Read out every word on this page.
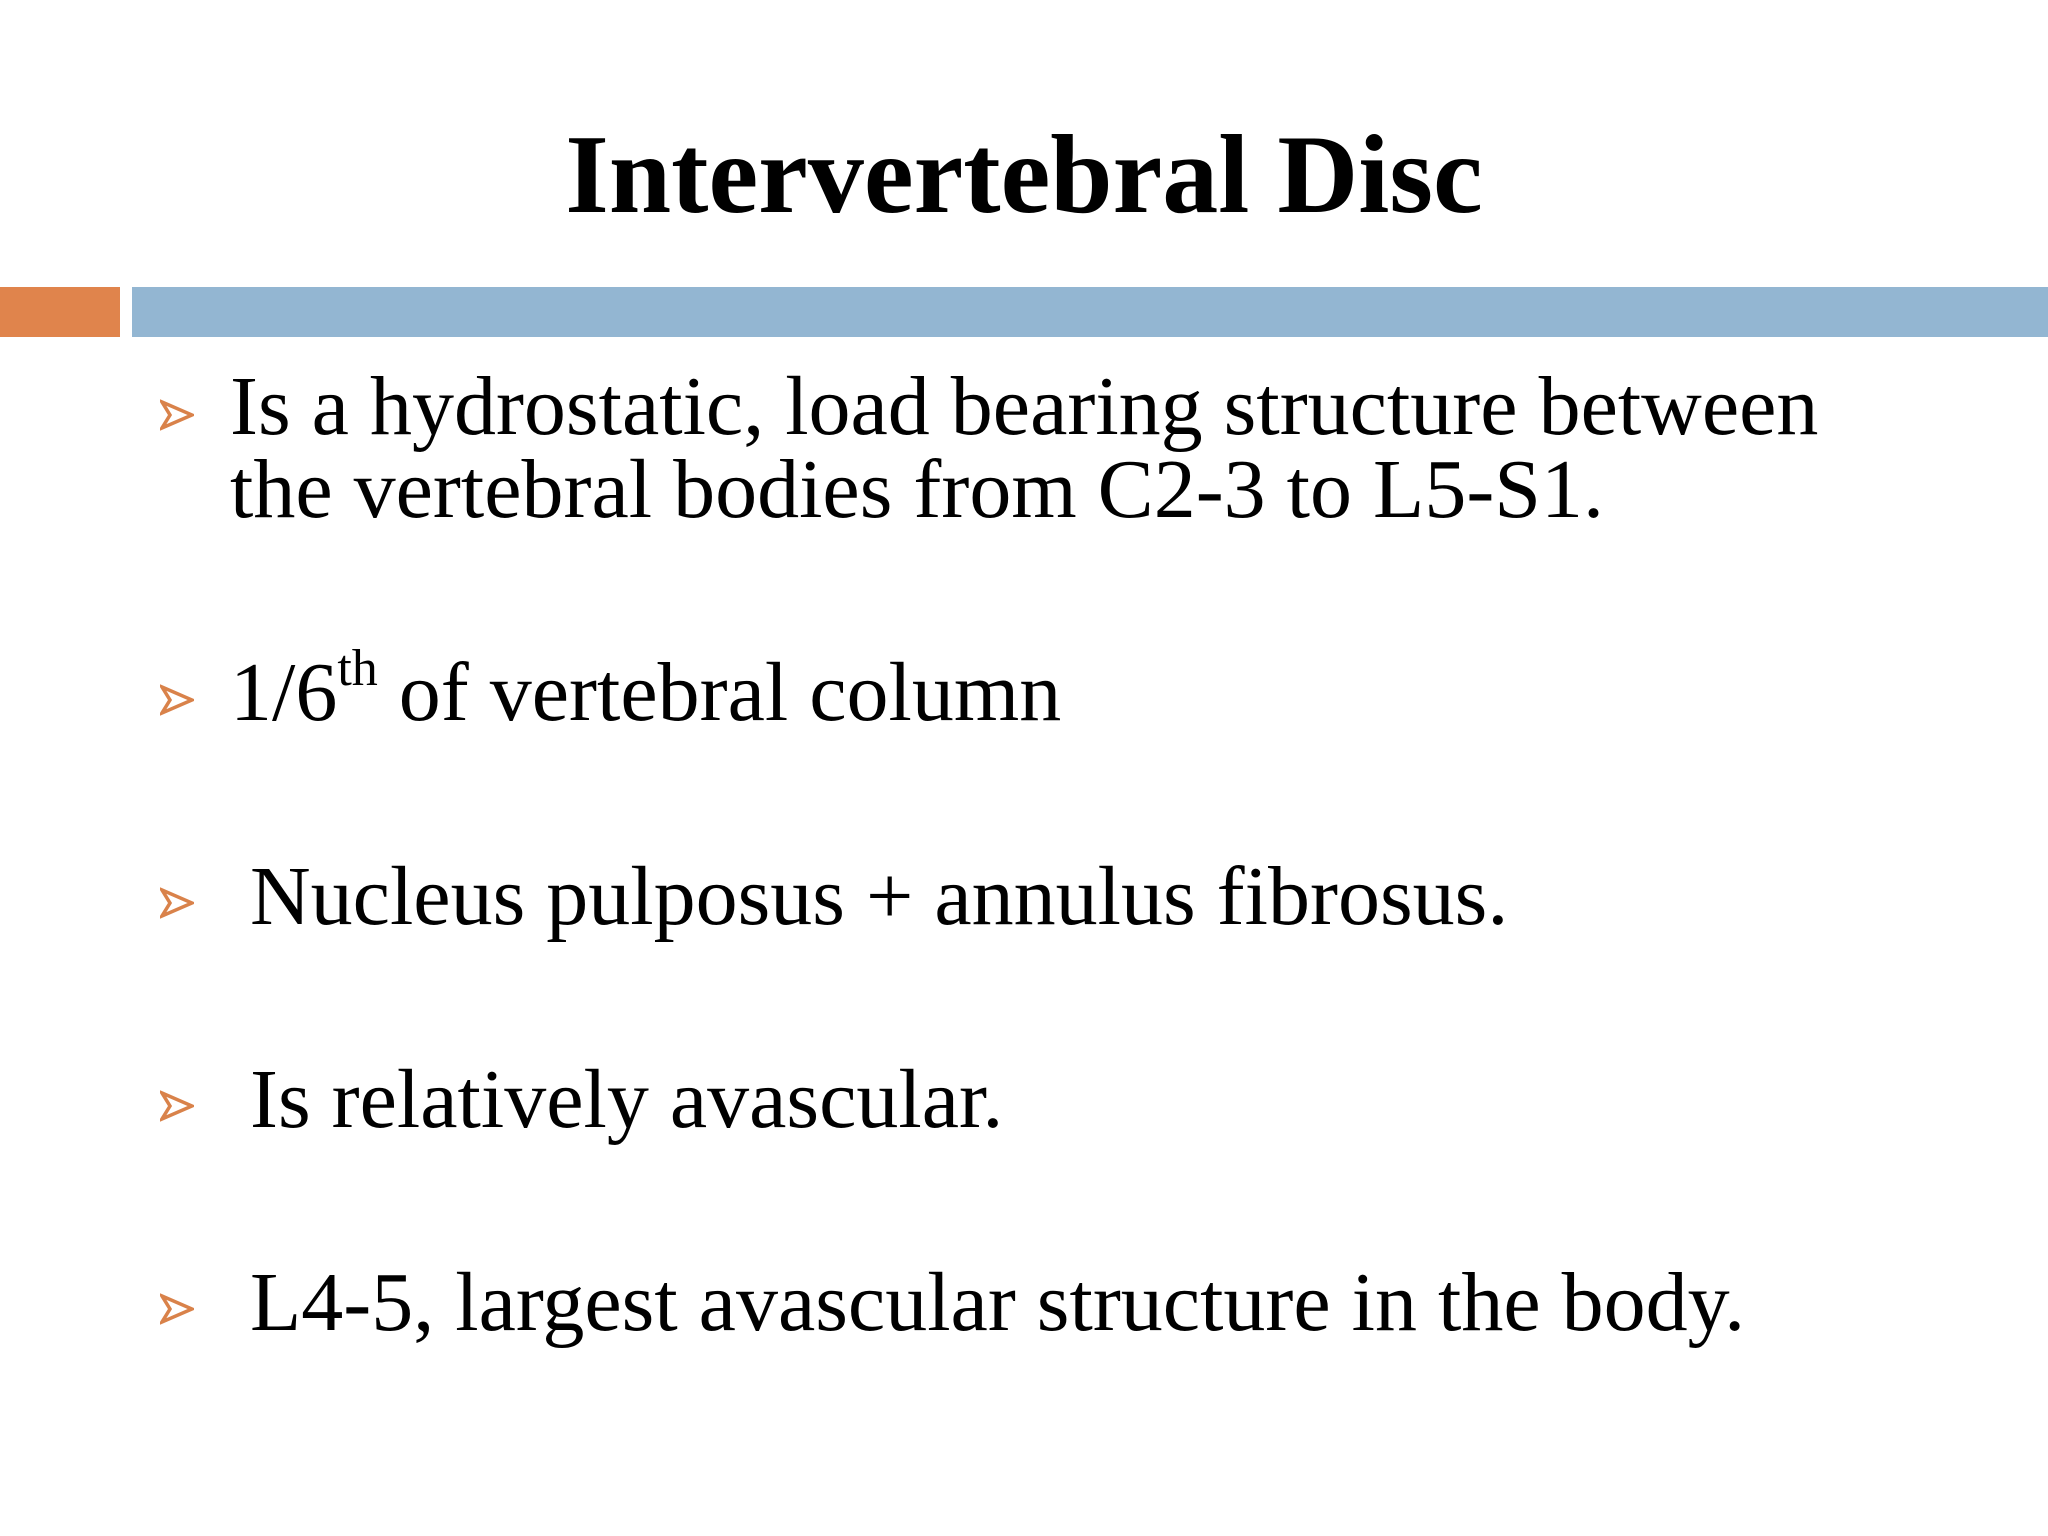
Intervertebral Disc
Is a hydrostatic, load bearing structure between
the vertebral bodies from C2-3 to L5-S1.
1/6th of vertebral column
Nucleus pulposus + annulus fibrosus.
Is relatively avascular.
L4-5, largest avascular structure in the body.
